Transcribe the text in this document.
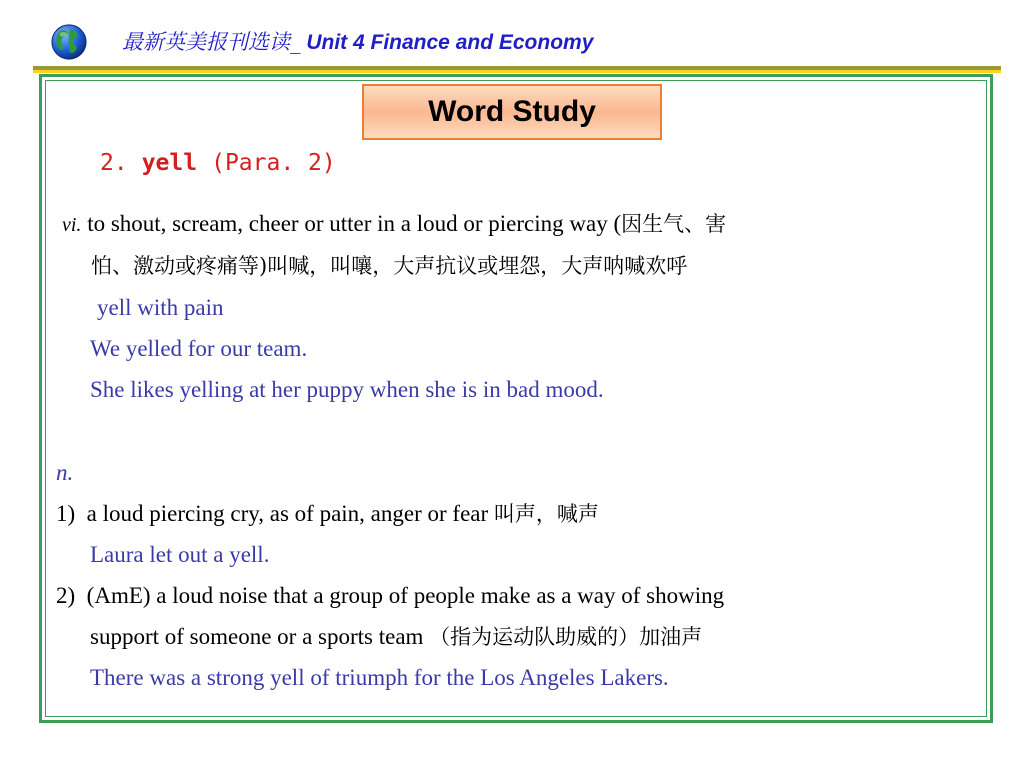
最新英美报刊选读_ Unit 4 Finance and Economy
Word Study
2. yell (Para. 2)
vi. to shout, scream, cheer or utter in a loud or piercing way (因生气、害
怕、激动或疼痛等)叫喊，叫嚷，大声抗议或埋怨，大声呐喊欢呼
yell with pain
We yelled for our team.
She likes yelling at her puppy when she is in bad mood.
n.
1) a loud piercing cry, as of pain, anger or fear 叫声，喊声
Laura let out a yell.
2) (AmE) a loud noise that a group of people make as a way of showing
support of someone or a sports team （指为运动队助威的）加油声
There was a strong yell of triumph for the Los Angeles Lakers.
